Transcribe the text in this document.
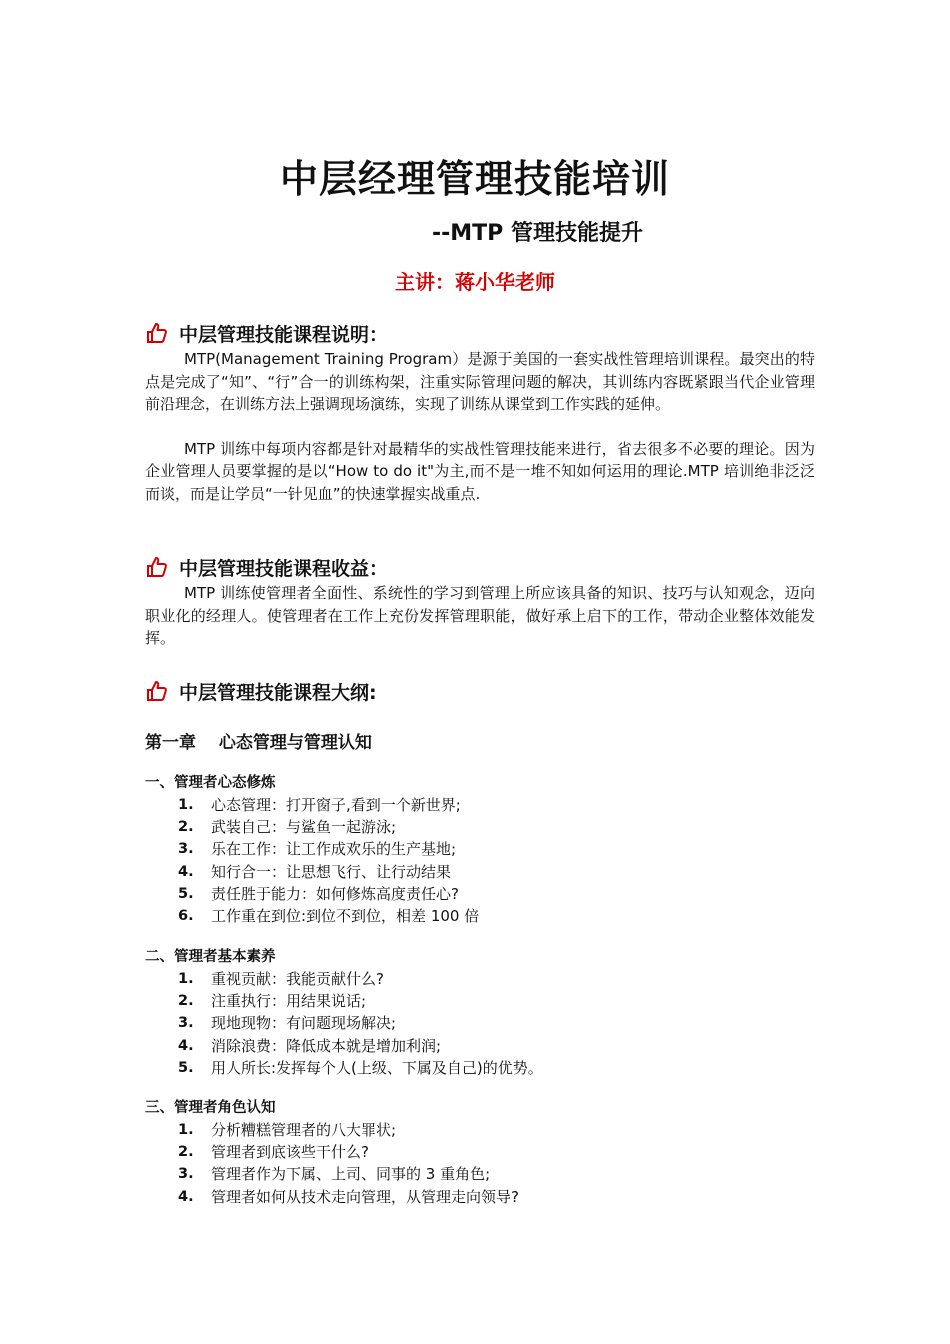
中层经理管理技能培训
--MTP 管理技能提升

主讲：蒋小华老师

中层管理技能课程说明：

MTP(Management Training Program）是源于美国的一套实战性管理培训课程。最突出的特点是完成了“知”、“行”合一的训练构架，注重实际管理问题的解决，其训练内容既紧跟当代企业管理前沿理念，在训练方法上强调现场演练，实现了训练从课堂到工作实践的延伸。

MTP 训练中每项内容都是针对最精华的实战性管理技能来进行，省去很多不必要的理论。因为企业管理人员要掌握的是以“How to do it"为主,而不是一堆不知如何运用的理论.MTP 培训绝非泛泛而谈，而是让学员“一针见血”的快速掌握实战重点.

中层管理技能课程收益：

MTP 训练使管理者全面性、系统性的学习到管理上所应该具备的知识、技巧与认知观念，迈向职业化的经理人。使管理者在工作上充份发挥管理职能，做好承上启下的工作，带动企业整体效能发挥。

中层管理技能课程大纲:

第一章　 心态管理与管理认知

一、管理者心态修炼

1.	心态管理：打开窗子,看到一个新世界;
2.	武装自己：与鲨鱼一起游泳;
3.	乐在工作：让工作成欢乐的生产基地;
4.	知行合一：让思想飞行、让行动结果
5.	责任胜于能力：如何修炼高度责任心?
6.	工作重在到位:到位不到位，相差 100 倍

二、管理者基本素养

1.	重视贡献：我能贡献什么?
2.	注重执行：用结果说话;
3.	现地现物：有问题现场解决;
4.	消除浪费：降低成本就是增加利润;
5.	用人所长:发挥每个人(上级、下属及自己)的优势。

三、管理者角色认知

1.	分析糟糕管理者的八大罪状;
2.	管理者到底该些干什么?
3.	管理者作为下属、上司、同事的 3 重角色;
4.	管理者如何从技术走向管理，从管理走向领导?
